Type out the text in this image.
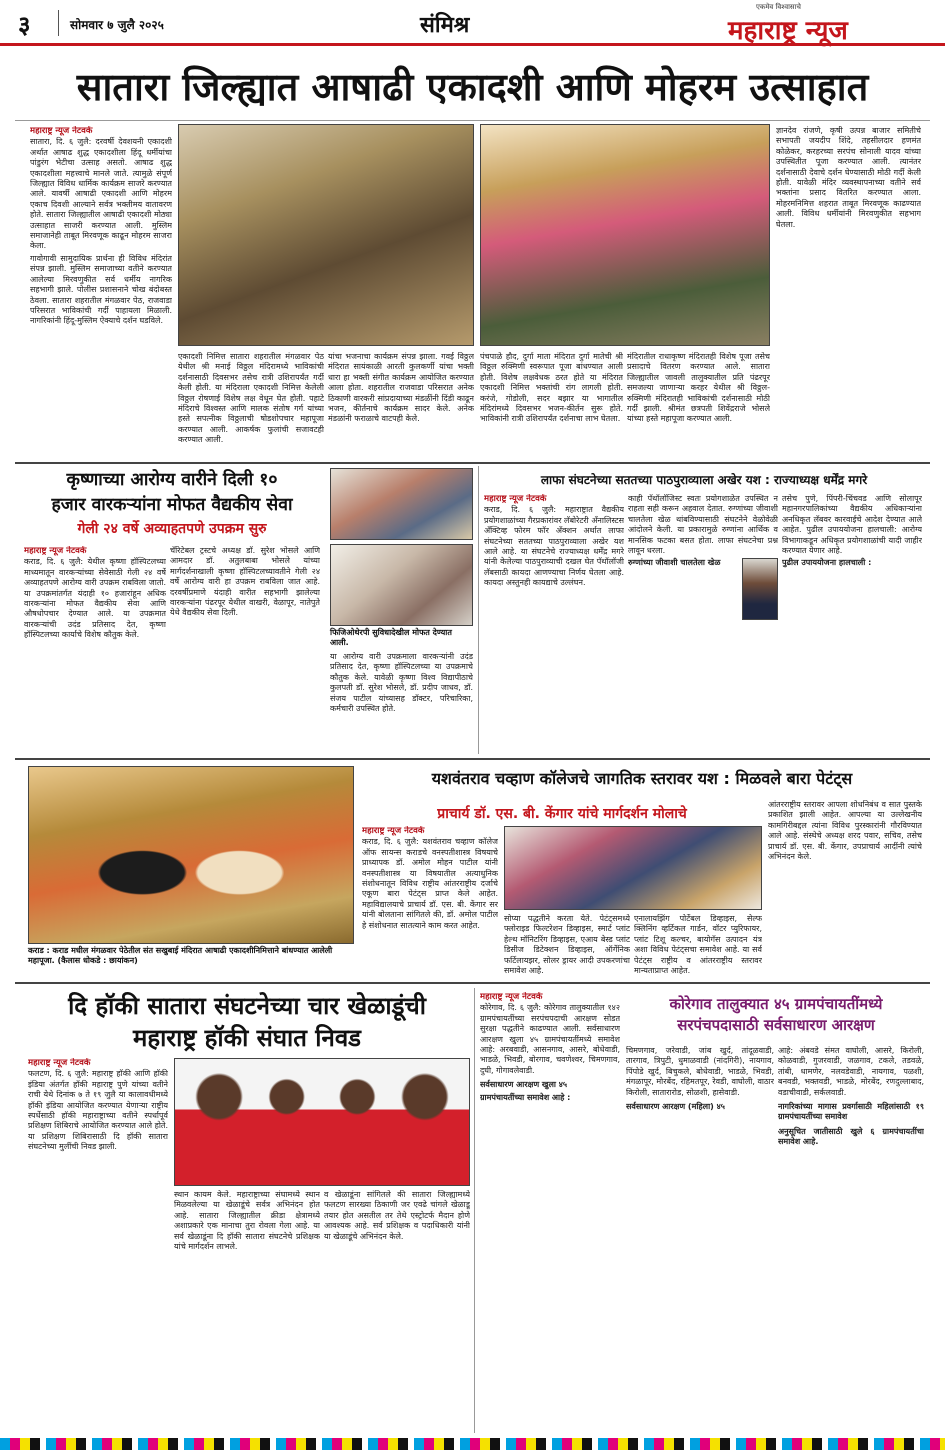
३	सोमवार ७ जुलै २०२५	संमिश्र
एकमेव विश्वासाचे
महाराष्ट्र न्यूज
सातारा जिल्ह्यात आषाढी एकादशी आणि मोहरम उत्साहात
महाराष्ट्र न्यूज नेटवर्क

सातारा, दि. ६ जुलै: दरवर्षी देवशयनी एकादशी अर्थात आषाढ शुद्ध एकादशीला हिंदू धर्मीयांचा पांडुरंग भेटीचा उत्साह असतो. आषाढ शुद्ध एकादशीला महत्त्वाचे मानले जाते. त्यामुळे संपूर्ण जिल्ह्यात विविध धार्मिक कार्यक्रम साजरे करण्यात आले. यावर्षी आषाढी एकादशी आणि मोहरम एकाच दिवशी आल्याने सर्वत्र भक्तीमय वातावरण होते. सातारा जिल्ह्यातील आषाढी एकादशी मोठ्या उत्साहात साजरी करण्यात आली. मुस्लिम समाजानेही ताबूत मिरवणूक काढून मोहरम साजरा केला.

गावोगावी सामुदायिक प्रार्थना ही विविध मंदिरांत संपन्न झाली. मुस्लिम समाजाच्या वतीने करण्यात आलेल्या मिरवणुकीत सर्व धर्मीय नागरिक सहभागी झाले. पोलीस प्रशासनाने चोख बंदोबस्त ठेवला. सातारा शहरातील मंगळवार पेठ, राजवाडा परिसरात भाविकांची गर्दी पाहायला मिळाली. नागरिकांनी हिंदू-मुस्लिम ऐक्याचे दर्शन घडविले.

ज्ञानदेव रांजणे, कृषी उत्पन्न बाजार समितीचे सभापती जयदीप शिंदे, तहसीलदार हणमंत कोळेकर, करहरच्या सरपंच सोनाली यादव यांच्या उपस्थितीत पूजा करण्यात आली. त्यानंतर दर्शनासाठी देवाचे दर्शन घेण्यासाठी मोठी गर्दी केली होती. यावेळी मंदिर व्यवस्थापनाच्या वतीने सर्व भक्तांना प्रसाद वितरित करण्यात आला. मोहरमनिमित्त शहरात ताबूत मिरवणूक काढण्यात आली. विविध धर्मीयांनी मिरवणुकीत सहभाग घेतला.

एकादशी निमित्त सातारा शहरातील मंगळवार पेठ येथील श्री मनाई विठ्ठल मंदिरामध्ये भाविकांची दर्शनासाठी दिवसभर तसेच रात्री उशिरापर्यंत गर्दी केली होती. या मंदिराला एकादशी निमित्त केलेली विठ्ठल रोषणाई विशेष लक्ष वेधून घेत होती. पहाटे मंदिराचे विश्वस्त आणि मालक संतोष गर्ग यांच्या हस्ते सपत्नीक विठ्ठलाची षोडशोपचार महापूजा करण्यात आली. आकर्षक फुलांची सजावटही करण्यात आली.

यांचा भजनाचा कार्यक्रम संपन्न झाला. गवई विठ्ठल मंदिरात सायंकाळी आरती कुलकर्णी यांचा भक्ती धारा हा भक्ती संगीत कार्यक्रम आयोजित करण्यात आला होता. शहरातील राजवाडा परिसरात अनेक ठिकाणी वारकरी सांप्रदायाच्या मंडळींनी दिंडी काढून भजन, कीर्तनाचे कार्यक्रम सादर केले. अनेक मंडळांनी फराळाचे वाटपही केले.

पंचपाळे हौद, दुर्गा माता मंदिरात दुर्गा मातेची श्री विठ्ठल रुक्मिणी स्वरूपात पूजा बांधण्यात आली होती. विशेष लक्षवेधक ठरत होते या मंदिरात एकादशी निमित्त भक्तांची रांग लागली होती. करंजे, गोडोली, सदर बझार या भागातील मंदिरांमध्ये दिवसभर भजन-कीर्तन सुरू होते. भाविकांनी रात्री उशिरापर्यंत दर्शनाचा लाभ घेतला.

मंदिरातील राधाकृष्ण मंदिरातही विशेष पूजा तसेच प्रसादाचे वितरण करण्यात आले. सातारा जिल्ह्यातील जावली तालुक्यातील प्रति पंढरपूर समजल्या जाणाऱ्या करहर येथील श्री विठ्ठल-रुक्मिणी मंदिरातही भाविकांची दर्शनासाठी मोठी गर्दी झाली. श्रीमंत छत्रपती शिवेंद्रराजे भोसले यांच्या हस्ते महापूजा करण्यात आली.

कृष्णाच्या आरोग्य वारीने दिली १०
हजार वारकऱ्यांना मोफत वैद्यकीय सेवा
गेली २४ वर्षे अव्याहतपणे उपक्रम सुरु
महाराष्ट्र न्यूज नेटवर्क

कराड, दि. ६ जुलै: येथील कृष्णा हॉस्पिटलच्या माध्यमातून वारकऱ्यांच्या सेवेसाठी गेली २४ वर्षे अव्याहतपणे आरोग्य वारी उपक्रम राबविला जातो. या उपक्रमांतर्गत यंदाही १० हजारांहून अधिक वारकऱ्यांना मोफत वैद्यकीय सेवा आणि औषधोपचार देण्यात आले. या उपक्रमात वारकऱ्यांची उदंड प्रतिसाद देत, कृष्णा हॉस्पिटलच्या कार्याचे विशेष कौतुक केले.

चॅरिटेबल ट्रस्टचे अध्यक्ष डॉ. सुरेश भोसले आणि आमदार डॉ. अतुलबाबा भोसले यांच्या मार्गदर्शनाखाली कृष्णा हॉस्पिटलच्यावतीने गेली २४ वर्षे आरोग्य वारी हा उपक्रम राबविला जात आहे. दरवर्षीप्रमाणे यंदाही वारीत सहभागी झालेल्या वारकऱ्यांना पंढरपूर येथील वाखरी, वेळापूर, नातेपुते येथे वैद्यकीय सेवा दिली.

फिजिओथेरपी सुविधादेखील मोफत देण्यात आली.

या आरोग्य वारी उपक्रमाला वारकऱ्यांनी उदंड प्रतिसाद देत, कृष्णा हॉस्पिटलच्या या उपक्रमाचे कौतुक केले. यावेळी कृष्णा विश्व विद्यापीठाचे कुलपती डॉ. सुरेश भोसले, डॉ. प्रदीप जाधव, डॉ. संजय पाटील यांच्यासह डॉक्टर, परिचारिका, कर्मचारी उपस्थित होते.

लाफा संघटनेच्या सततच्या पाठपुराव्याला अखेर यश : राज्याध्यक्ष धर्मेंद्र मगरे
महाराष्ट्र न्यूज नेटवर्क

कराड, दि. ६ जुलै: महाराष्ट्रात वैद्यकीय प्रयोगशाळांच्या गैरप्रकारांवर लॅबोरेटरी अँनालिस्टस अँक्टिव्ह फोरम फॉर अँक्शन अर्थात लाफा संघटनेच्या सततच्या पाठपुराव्याला अखेर यश आले आहे. या संघटनेचे राज्याध्यक्ष धर्मेंद्र मगरे यांनी केलेल्या पाठपुराव्याची दखल घेत पॅथॉलॉजी लॅबसाठी कायदा आणण्याचा निर्णय घेतला आहे. कायदा अस्तुनही कायद्याचे उल्लंघन.

काही पॅथॉलॉजिस्ट स्वतः प्रयोगशाळेत उपस्थित न राहता सही करून अहवाल देतात. रुग्णांच्या जीवाशी चालतेला खेळ थांबविण्यासाठी संघटनेने वेळोवेळी आंदोलने केली. या प्रकारामुळे रुग्णांना आर्थिक व मानसिक फटका बसत होता. लाफा संघटनेचा प्रश्न लावून धरला.

रुग्णांच्या जीवाशी चालतेला खेळ

तसेच पुणे, पिंपरी-चिंचवड आणि सोलापूर महानगरपालिकांच्या वैद्यकीय अधिकाऱ्यांना अनधिकृत लॅबवर कारवाईचे आदेश देण्यात आले आहेत. पुढील उपाययोजना हालचाली: आरोग्य विभागाकडून अधिकृत प्रयोगशाळांची यादी जाहीर करण्यात येणार आहे.

पुढील उपाययोजना हालचाली :

कराड : कराड मधील मंगळवार पेठेतील संत सखुबाई मंदिरात आषाढी एकादशीनिमित्ताने बांधण्यात आलेली महापूजा. (कैलास धोकडे : छायांकन)
यशवंतराव चव्हाण कॉलेजचे जागतिक स्तरावर यश : मिळवले बारा पेटंट्स
प्राचार्य डॉ. एस. बी. केंगार यांचे मार्गदर्शन मोलाचे
महाराष्ट्र न्यूज नेटवर्क

कराड, दि. ६ जुलै: यशवंतराव चव्हाण कॉलेज ऑफ सायन्स कराडचे वनस्पतीशास्त्र विषयाचे प्राध्यापक डॉ. अमोल मोहन पाटील यांनी वनस्पतीशास्त्र या विषयातील अत्याधुनिक संशोधनातून विविध राष्ट्रीय आंतरराष्ट्रीय दर्जाचे एकूण बारा पेटंट्स प्राप्त केले आहेत. महाविद्यालयाचे प्राचार्य डॉ. एस. बी. केंगार सर यांनी बोलताना सांगितले की, डॉ. अमोल पाटील हे संशोधनात सातत्याने काम करत आहेत.

सोप्या पद्धतीने करता येते. पेटंट्समध्ये फ्लोराइड फिल्टरेशन डिव्हाइस, स्मार्ट प्लांट हेल्थ मॉनिटरिंग डिव्हाइस, एआय बेस्ड प्लांट डिसीज डिटेक्शन डिव्हाइस, ऑर्गेनिक फर्टिलायझर, सोलर ड्रायर आदी उपकरणांचा समावेश आहे.

एनालायझिंग पोर्टेबल डिव्हाइस, सेल्फ क्लिनिंग व्हर्टिकल गार्डन, वॉटर प्युरिफायर, प्लांट टिशू कल्चर, बायोगॅस उत्पादन यंत्र अशा विविध पेटंट्सचा समावेश आहे. या सर्व पेटंट्स राष्ट्रीय व आंतरराष्ट्रीय स्तरावर मान्यताप्राप्त आहेत.

आंतरराष्ट्रीय स्तरावर आपला शोधनिबंध व सात पुस्तके प्रकाशित झाली आहेत. आपल्या या उल्लेखनीय कामगिरीबद्दल त्यांना विविध पुरस्कारांनी गौरविण्यात आले आहे. संस्थेचे अध्यक्ष शरद पवार, सचिव, तसेच प्राचार्य डॉ. एस. बी. केंगार, उपप्राचार्य आदींनी त्यांचे अभिनंदन केले.

दि हॉकी सातारा संघटनेच्या चार खेळाडूंची
महाराष्ट्र हॉकी संघात निवड
महाराष्ट्र न्यूज नेटवर्क

फलटण, दि. ६ जुलै: महाराष्ट्र हॉकी आणि हॉकी इंडिया अंतर्गत हॉकी महाराष्ट्र पुणे यांच्या वतीने राची येथे दिनांक ७ ते १९ जुलै या कालावधीमध्ये हॉकी इंडिया आयोजित करण्यात येणाऱ्या राष्ट्रीय स्पर्धेसाठी हॉकी महाराष्ट्राच्या वतीने स्पर्धापूर्व प्रशिक्षण शिबिराचे आयोजित करण्यात आले होते. या प्रशिक्षण शिबिरासाठी दि हॉकी सातारा संघटनेच्या मुलींची निवड झाली.

स्थान कायम केले. महाराष्ट्राच्या संघामध्ये स्थान मिळवलेल्या या खेळाडूंचे सर्वत्र अभिनंदन होत आहे. सातारा जिल्ह्यातील क्रीडा क्षेत्रामध्ये अशाप्रकारे एक मानाचा तुरा रोवला गेला आहे. या सर्व खेळाडूंना दि हॉकी सातारा संघटनेचे प्रशिक्षक यांचे मार्गदर्शन लाभले.

व खेळाडूंना सांगितले की सातारा जिल्ह्यामध्ये फलटण सारख्या ठिकाणी जर एवढे चांगले खेळाडू तयार होत असतील तर तेथे एस्ट्रोटर्फ मैदान होणे आवश्यक आहे. सर्व प्रशिक्षक व पदाधिकारी यांनी या खेळाडूंचे अभिनंदन केले.

महाराष्ट्र न्यूज नेटवर्क

कोरेगाव, दि. ६ जुलै: कोरेगाव तालुक्यातील १४२ ग्रामपंचायतींच्या सरपंचपदाची आरक्षण सोडत सुरक्षा पद्धतीने काढण्यात आली. सर्वसाधारण आरक्षण खुला ४५ ग्रामपंचायतींमध्ये समावेश आहे: अरबवाडी, आसनगाव, आसरे, बोधेवाडी, भाडळे, भिवडी, बोरगाव, चवणेश्वर, चिमणगाव, दुघी, गोगावलेवाडी.

सर्वसाधारण आरक्षण खुला ४५

ग्रामपंचायतींच्या समावेश आहे :

कोरेगाव तालुक्यात ४५ ग्रामपंचायतींमध्ये
सरपंचपदासाठी सर्वसाधारण आरक्षण

चिमणगाव, जरेवाडी, जांब खुर्द, तांदूळवाडी, तारगाव, त्रिपुटी, धुमाळवाडी (नांदगिरी), नायगाव, पिंपोडे खुर्द, बिचुकले, बोधेवाडी, भाडळे, भिवडी, मंगळापूर, मोरबेंद, रहिमतपूर, रेवडी, वाघोली, वाठार किरोली, सातारारोड, सोळशी, हासेवाडी.

सर्वसाधारण आरक्षण (महिला) ४५

आहे: अंबवडे संमत वाघोली, आसरे, किरोली, कोळवाडी, गुजरवाडी, जळगाव, टकले, तडवळे, तांबी, धामणेर, नलवडेवाडी, नायगाव, पळशी, बनवडी, भक्तवडी, भाडळे, मोरबेंद, रणदुल्लाबाद, वडाचीवाडी, सर्कलवाडी.

नागरिकांच्या मागास प्रवर्गासाठी महिलांसाठी १९ ग्रामपंचायतींच्या समावेश

अनुसूचित जातीसाठी खुले ६ ग्रामपंचायतींचा समावेश आहे.
